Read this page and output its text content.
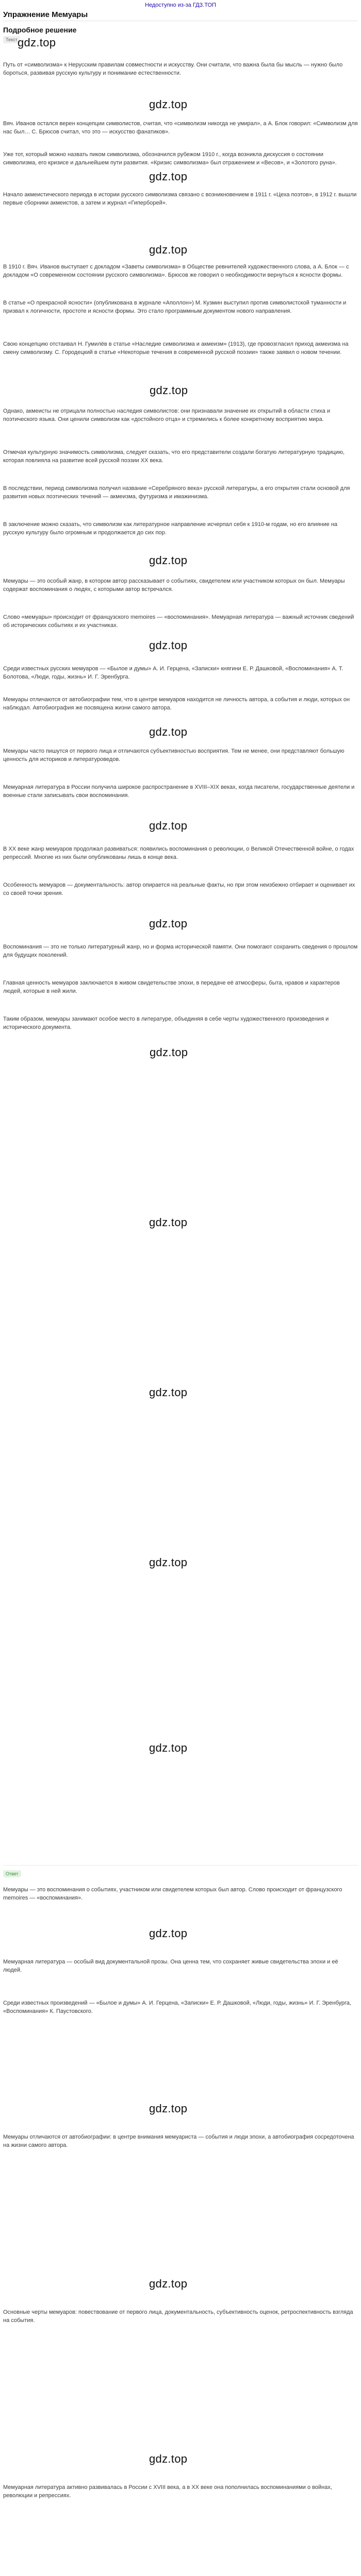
Недоступно из-за ГДЗ.ТОП
Упражнение Мемуары
Подробное решение
Текст gdz.top
gdz.top
gdz.top
gdz.top
gdz.top
gdz.top
gdz.top
gdz.top
gdz.top
gdz.top
gdz.top
gdz.top
gdz.top
gdz.top
gdz.top
gdz.top
gdz.top
gdz.top
gdz.top

Путь от «символизма» к Нерусским правилам совместности и искусству. Они считали, что важна была бы мысль — нужно было бороться, развивая русскую культуру и понимание естественности.

Вяч. Иванов остался верен концепции символистов, считая, что «символизм никогда не умирал», а А. Блок говорил: «Символизм для нас был… С. Брюсов считал, что это — искусство фанатиков».

Уже тот, который можно назвать пиком символизма, обозначился рубежом 1910 г., когда возникла дискуссия о состоянии символизма, его кризисе и дальнейшем пути развития. «Кризис символизма» был отражением и «Весов», и «Золотого руна».

Начало акмеистического периода в истории русского символизма связано с возникновением в 1911 г. «Цеха поэтов», в 1912 г. вышли первые сборники акмеистов, а затем и журнал «Гиперборей».

В 1910 г. Вяч. Иванов выступает с докладом «Заветы символизма» в Обществе ревнителей художественного слова, а А. Блок — с докладом «О современном состоянии русского символизма». Брюсов же говорил о необходимости вернуться к ясности формы.

В статье «О прекрасной ясности» (опубликована в журнале «Аполлон») М. Кузмин выступил против символистской туманности и призвал к логичности, простоте и ясности формы. Это стало программным документом нового направления.

Свою концепцию отстаивал Н. Гумилёв в статье «Наследие символизма и акмеизм» (1913), где провозгласил приход акмеизма на смену символизму. С. Городецкий в статье «Некоторые течения в современной русской поэзии» также заявил о новом течении.

Однако, акмеисты не отрицали полностью наследия символистов: они признавали значение их открытий в области стиха и поэтического языка. Они ценили символизм как «достойного отца» и стремились к более конкретному восприятию мира.

Отмечая культурную значимость символизма, следует сказать, что его представители создали богатую литературную традицию, которая повлияла на развитие всей русской поэзии XX века.

В последствии, период символизма получил название «Серебряного века» русской литературы, а его открытия стали основой для развития новых поэтических течений — акмеизма, футуризма и имажинизма.

В заключение можно сказать, что символизм как литературное направление исчерпал себя к 1910-м годам, но его влияние на русскую культуру было огромным и продолжается до сих пор.

Мемуары — это особый жанр, в котором автор рассказывает о событиях, свидетелем или участником которых он был. Мемуары содержат воспоминания о людях, с которыми автор встречался.

Слово «мемуары» происходит от французского memoires — «воспоминания». Мемуарная литература — важный источник сведений об исторических событиях и их участниках.

Среди известных русских мемуаров — «Былое и думы» А. И. Герцена, «Записки» княгини Е. Р. Дашковой, «Воспоминания» А. Т. Болотова, «Люди, годы, жизнь» И. Г. Эренбурга.

Мемуары отличаются от автобиографии тем, что в центре мемуаров находится не личность автора, а события и люди, которых он наблюдал. Автобиография же посвящена жизни самого автора.

Мемуары часто пишутся от первого лица и отличаются субъективностью восприятия. Тем не менее, они представляют большую ценность для историков и литературоведов.

Мемуарная литература в России получила широкое распространение в XVIII–XIX веках, когда писатели, государственные деятели и военные стали записывать свои воспоминания.

В XX веке жанр мемуаров продолжал развиваться: появились воспоминания о революции, о Великой Отечественной войне, о годах репрессий. Многие из них были опубликованы лишь в конце века.

Особенность мемуаров — документальность: автор опирается на реальные факты, но при этом неизбежно отбирает и оценивает их со своей точки зрения.

Воспоминания — это не только литературный жанр, но и форма исторической памяти. Они помогают сохранить сведения о прошлом для будущих поколений.

Главная ценность мемуаров заключается в живом свидетельстве эпохи, в передаче её атмосферы, быта, нравов и характеров людей, которые в ней жили.

Таким образом, мемуары занимают особое место в литературе, объединяя в себе черты художественного произведения и исторического документа.

Ответ

Мемуары — это воспоминания о событиях, участником или свидетелем которых был автор. Слово происходит от французского memoires — «воспоминания».

Мемуарная литература — особый вид документальной прозы. Она ценна тем, что сохраняет живые свидетельства эпохи и её людей.

Среди известных произведений — «Былое и думы» А. И. Герцена, «Записки» Е. Р. Дашковой, «Люди, годы, жизнь» И. Г. Эренбурга, «Воспоминания» К. Паустовского.

Мемуары отличаются от автобиографии: в центре внимания мемуариста — события и люди эпохи, а автобиография сосредоточена на жизни самого автора.

Основные черты мемуаров: повествование от первого лица, документальность, субъективность оценок, ретроспективность взгляда на события.

Мемуарная литература активно развивалась в России с XVIII века, а в XX веке она пополнилась воспоминаниями о войнах, революции и репрессиях.
